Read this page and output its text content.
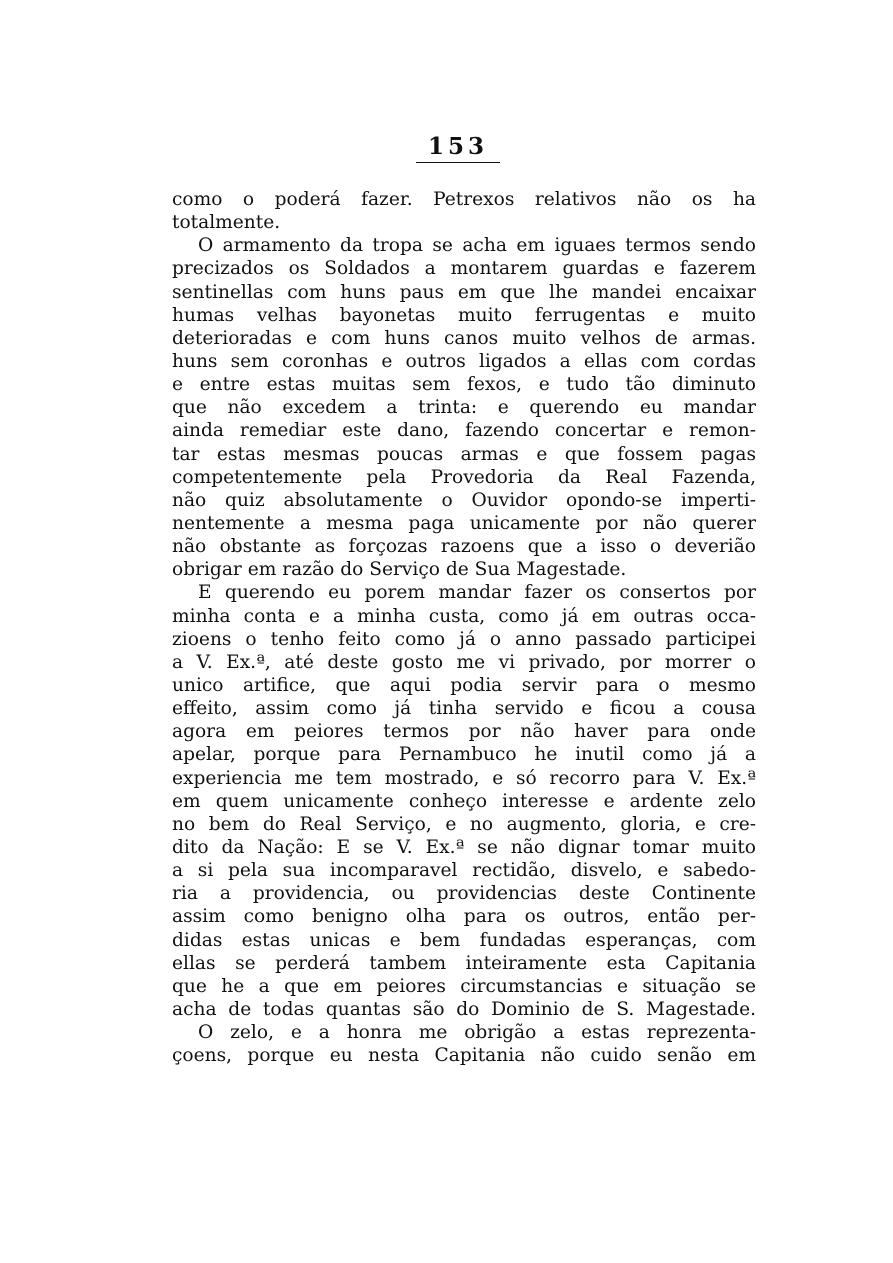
153
como o poderá fazer. Petrexos relativos não os ha
totalmente.
O armamento da tropa se acha em iguaes termos sendo
precizados os Soldados a montarem guardas e fazerem
sentinellas com huns paus em que lhe mandei encaixar
humas velhas bayonetas muito ferrugentas e muito
deterioradas e com huns canos muito velhos de armas.
huns sem coronhas e outros ligados a ellas com cordas
e entre estas muitas sem fexos, e tudo tão diminuto
que não excedem a trinta: e querendo eu mandar
ainda remediar este dano, fazendo concertar e remon-
tar estas mesmas poucas armas e que fossem pagas
competentemente pela Provedoria da Real Fazenda,
não quiz absolutamente o Ouvidor opondo-se imperti-
nentemente a mesma paga unicamente por não querer
não obstante as forçozas razoens que a isso o deverião
obrigar em razão do Serviço de Sua Magestade.
E querendo eu porem mandar fazer os consertos por
minha conta e a minha custa, como já em outras occa-
zioens o tenho feito como já o anno passado participei
a V. Ex.ª, até deste gosto me vi privado, por morrer o
unico artifice, que aqui podia servir para o mesmo
effeito, assim como já tinha servido e ficou a cousa
agora em peiores termos por não haver para onde
apelar, porque para Pernambuco he inutil como já a
experiencia me tem mostrado, e só recorro para V. Ex.ª
em quem unicamente conheço interesse e ardente zelo
no bem do Real Serviço, e no augmento, gloria, e cre-
dito da Nação: E se V. Ex.ª se não dignar tomar muito
a si pela sua incomparavel rectidão, disvelo, e sabedo-
ria a providencia, ou providencias deste Continente
assim como benigno olha para os outros, então per-
didas estas unicas e bem fundadas esperanças, com
ellas se perderá tambem inteiramente esta Capitania
que he a que em peiores circumstancias e situação se
acha de todas quantas são do Dominio de S. Magestade.
O zelo, e a honra me obrigão a estas reprezenta-
çoens, porque eu nesta Capitania não cuido senão em
